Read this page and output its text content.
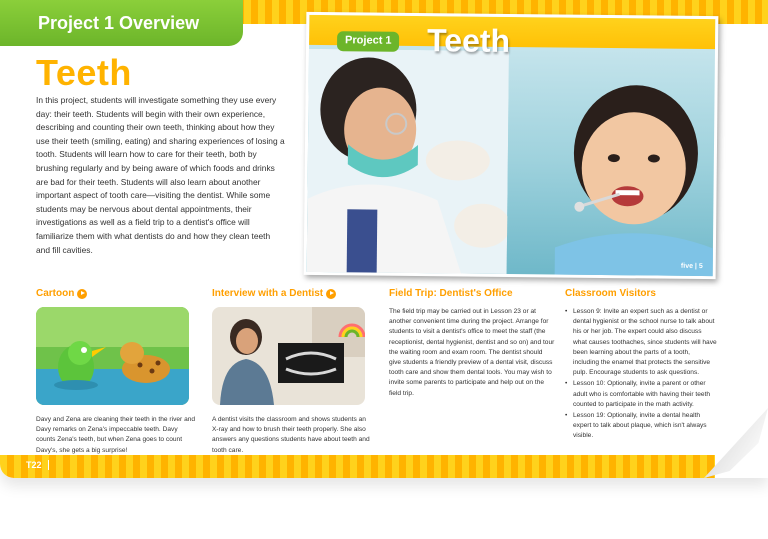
Project 1 Overview
Teeth

In this project, students will investigate something they use every day: their teeth. Students will begin with their own experience, describing and counting their own teeth, thinking about how they use their teeth (smiling, eating) and sharing experiences of losing a tooth. Students will learn how to care for their teeth, both by brushing regularly and by being aware of which foods and drinks are bad for their teeth. Students will also learn about another important aspect of tooth care—visiting the dentist. While some students may be nervous about dental appointments, their investigations as well as a field trip to a dentist's office will familiarize them with what dentists do and how they clean teeth and fill cavities.

Project 1 Teeth
five | 5
Cartoon

Davy and Zena are cleaning their teeth in the river and Davy remarks on Zena's impeccable teeth. Davy counts Zena's teeth, but when Zena goes to count Davy's, she gets a big surprise!

Interview with a Dentist

A dentist visits the classroom and shows students an X-ray and how to brush their teeth properly. She also answers any questions students have about teeth and tooth care.

Field Trip: Dentist's Office

The field trip may be carried out in Lesson 23 or at another convenient time during the project. Arrange for students to visit a dentist's office to meet the staff (the receptionist, dental hygienist, dentist and so on) and tour the waiting room and exam room. The dentist should give students a friendly preview of a dental visit, discuss tooth care and show them dental tools. You may wish to invite some parents to participate and help out on the field trip.

Classroom Visitors
• Lesson 9: Invite an expert such as a dentist or dental hygienist or the school nurse to talk about his or her job. The expert could also discuss what causes toothaches, since students will have been learning about the parts of a tooth, including the enamel that protects the sensitive pulp. Encourage students to ask questions.
• Lesson 10: Optionally, invite a parent or other adult who is comfortable with having their teeth counted to participate in the math activity.
• Lesson 19: Optionally, invite a dental health expert to talk about plaque, which isn't always visible.
T22
